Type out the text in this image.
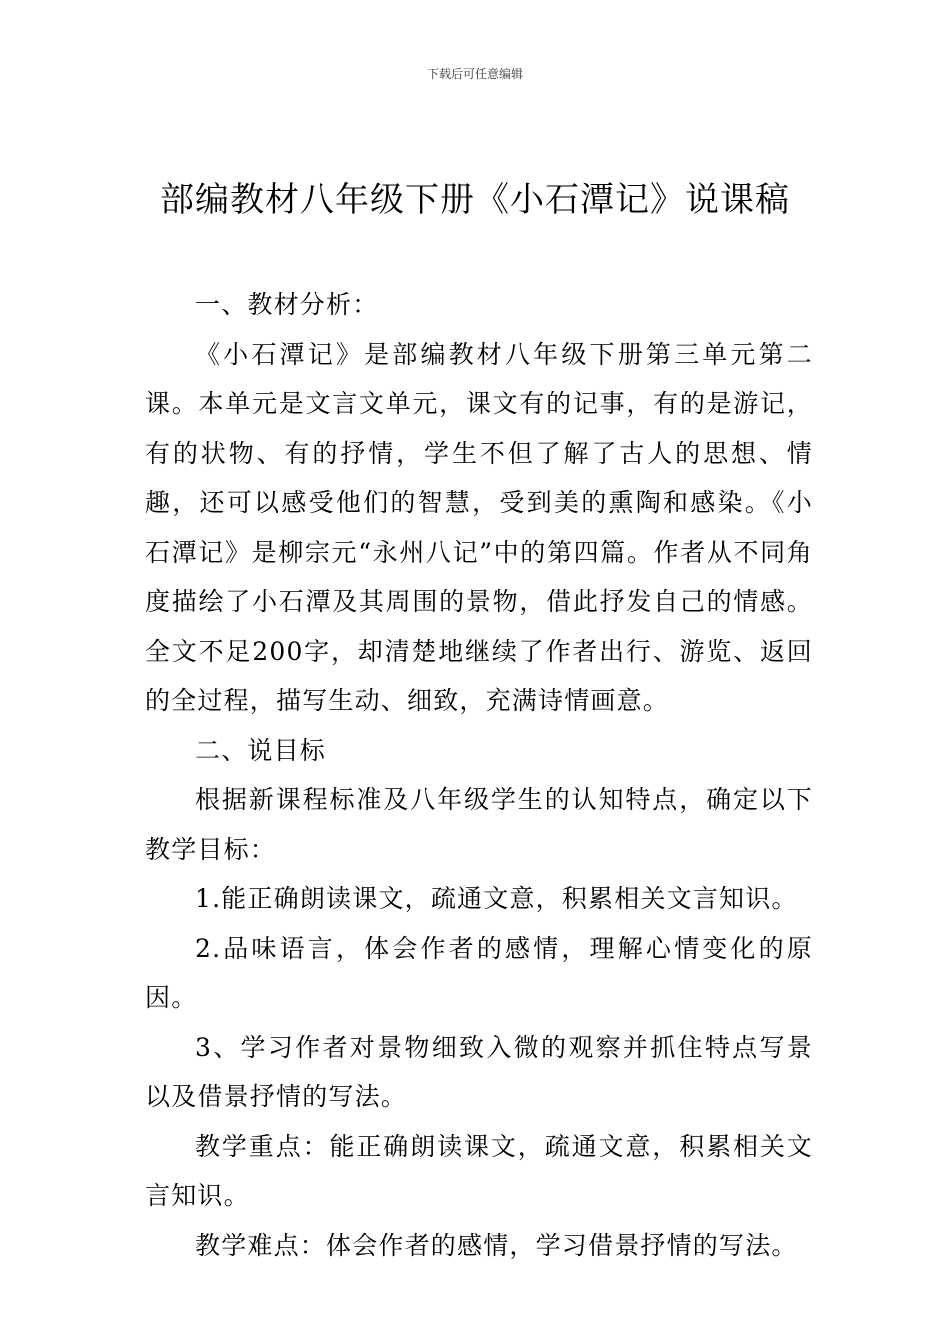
下载后可任意编辑
部编教材八年级下册《小石潭记》说课稿

一、教材分析：

《小石潭记》是部编教材八年级下册第三单元第二课。本单元是文言文单元，课文有的记事，有的是游记，有的状物、有的抒情，学生不但了解了古人的思想、情趣，还可以感受他们的智慧，受到美的熏陶和感染。《小石潭记》是柳宗元“永州八记”中的第四篇。作者从不同角度描绘了小石潭及其周围的景物，借此抒发自己的情感。全文不足200字，却清楚地继续了作者出行、游览、返回的全过程，描写生动、细致，充满诗情画意。

二、说目标

根据新课程标准及八年级学生的认知特点，确定以下教学目标：

1.能正确朗读课文，疏通文意，积累相关文言知识。

2.品味语言，体会作者的感情，理解心情变化的原因。

3、学习作者对景物细致入微的观察并抓住特点写景以及借景抒情的写法。

教学重点：能正确朗读课文，疏通文意，积累相关文言知识。

教学难点：体会作者的感情，学习借景抒情的写法。
